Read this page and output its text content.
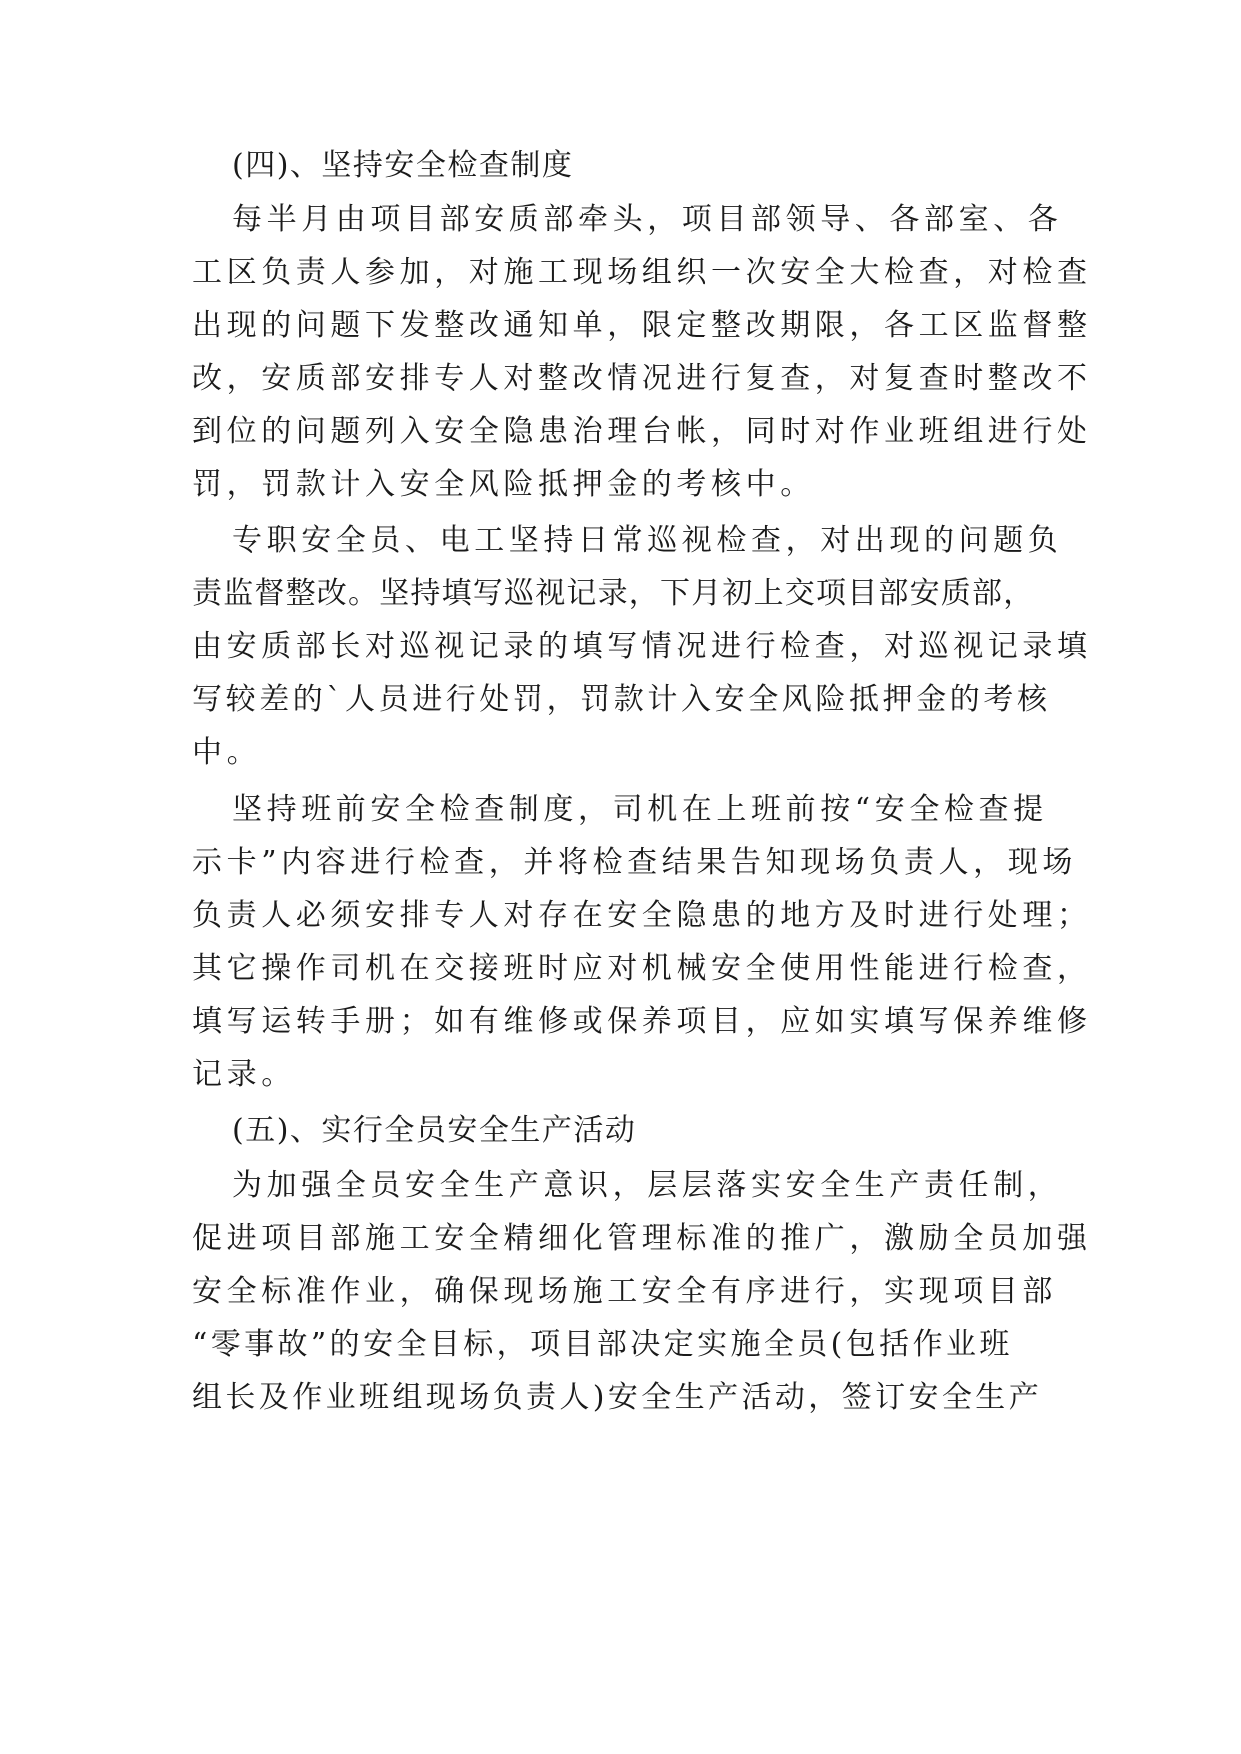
(四)、坚持安全检查制度
每半月由项目部安质部牵头，项目部领导、各部室、各
工区负责人参加，对施工现场组织一次安全大检查，对检查
出现的问题下发整改通知单，限定整改期限，各工区监督整
改，安质部安排专人对整改情况进行复查，对复查时整改不
到位的问题列入安全隐患治理台帐，同时对作业班组进行处
罚，罚款计入安全风险抵押金的考核中。
专职安全员、电工坚持日常巡视检查，对出现的问题负
责监督整改。坚持填写巡视记录，下月初上交项目部安质部，
由安质部长对巡视记录的填写情况进行检查，对巡视记录填
写较差的`人员进行处罚，罚款计入安全风险抵押金的考核
中。
坚持班前安全检查制度，司机在上班前按“安全检查提
示卡”内容进行检查，并将检查结果告知现场负责人，现场
负责人必须安排专人对存在安全隐患的地方及时进行处理；
其它操作司机在交接班时应对机械安全使用性能进行检查，
填写运转手册；如有维修或保养项目，应如实填写保养维修
记录。
(五)、实行全员安全生产活动
为加强全员安全生产意识，层层落实安全生产责任制，
促进项目部施工安全精细化管理标准的推广，激励全员加强
安全标准作业，确保现场施工安全有序进行，实现项目部
“零事故”的安全目标，项目部决定实施全员(包括作业班
组长及作业班组现场负责人)安全生产活动，签订安全生产
